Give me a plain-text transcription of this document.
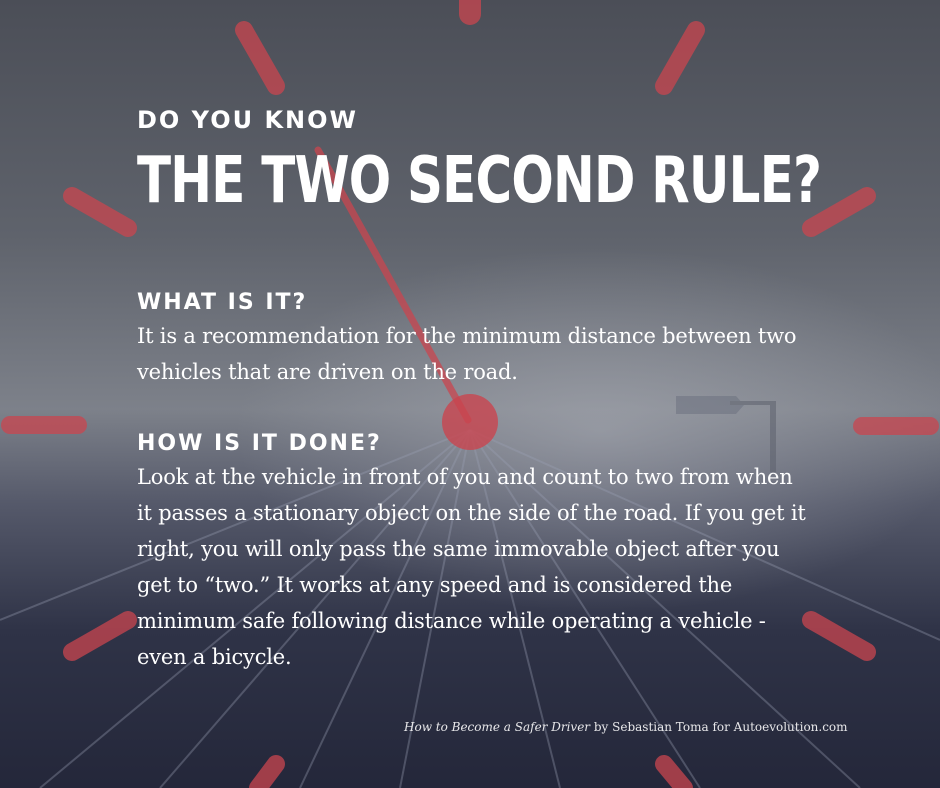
DO YOU KNOW
THE TWO SECOND RULE?
WHAT IS IT?
It is a recommendation for the minimum distance between two vehicles that are driven on the road.
HOW IS IT DONE?
Look at the vehicle in front of you and count to two from when it passes a stationary object on the side of the road. If you get it right, you will only pass the same immovable object after you get to “two.” It works at any speed and is considered the minimum safe following distance while operating a vehicle - even a bicycle.
How to Become a Safer Driver by Sebastian Toma for Autoevolution.com
